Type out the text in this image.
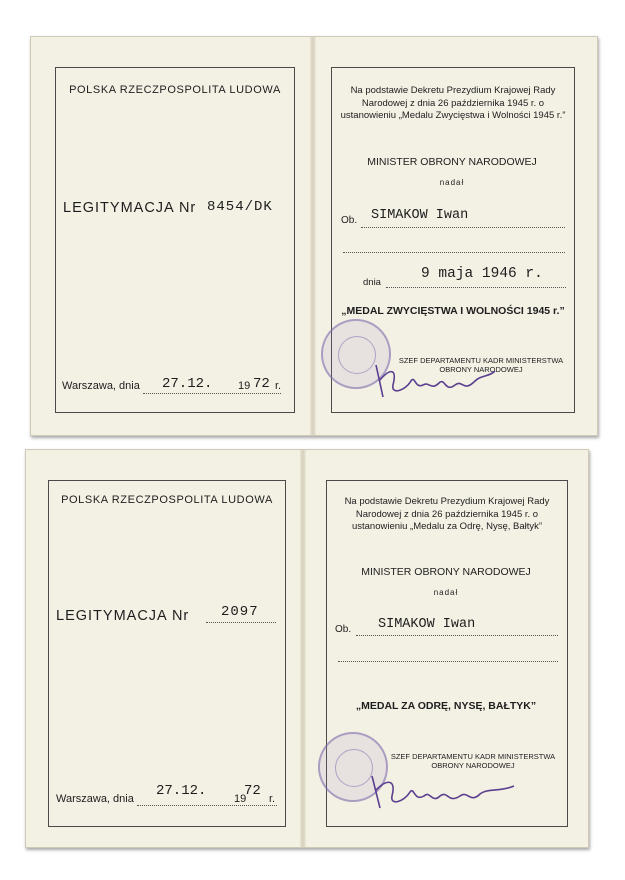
POLSKA RZECZPOSPOLITA LUDOWA
LEGITYMACJA Nr 8454/DK
Warszawa, dnia 27.12. 19 72 r.
Na podstawie Dekretu Prezydium Krajowej Rady Narodowej z dnia 26 października 1945 r. o ustanowieniu „Medalu Zwycięstwa i Wolności 1945 r.”
MINISTER OBRONY NARODOWEJ
nadał
Ob. SIMAKOW Iwan
dnia
9 maja 1946 r.
„MEDAL ZWYCIĘSTWA I WOLNOŚCI 1945 r.”
SZEF DEPARTAMENTU KADR MINISTERSTWA OBRONY NARODOWEJ
POLSKA RZECZPOSPOLITA LUDOWA
LEGITYMACJA Nr 2097
Warszawa, dnia 27.12.	19
72 r.
Na podstawie Dekretu Prezydium Krajowej Rady Narodowej z dnia 26 października 1945 r. o ustanowieniu „Medalu za Odrę, Nysę, Bałtyk”
MINISTER OBRONY NARODOWEJ
nadał
Ob. SIMAKOW Iwan
„MEDAL ZA ODRĘ, NYSĘ, BAŁTYK”
SZEF DEPARTAMENTU KADR MINISTERSTWA OBRONY NARODOWEJ
